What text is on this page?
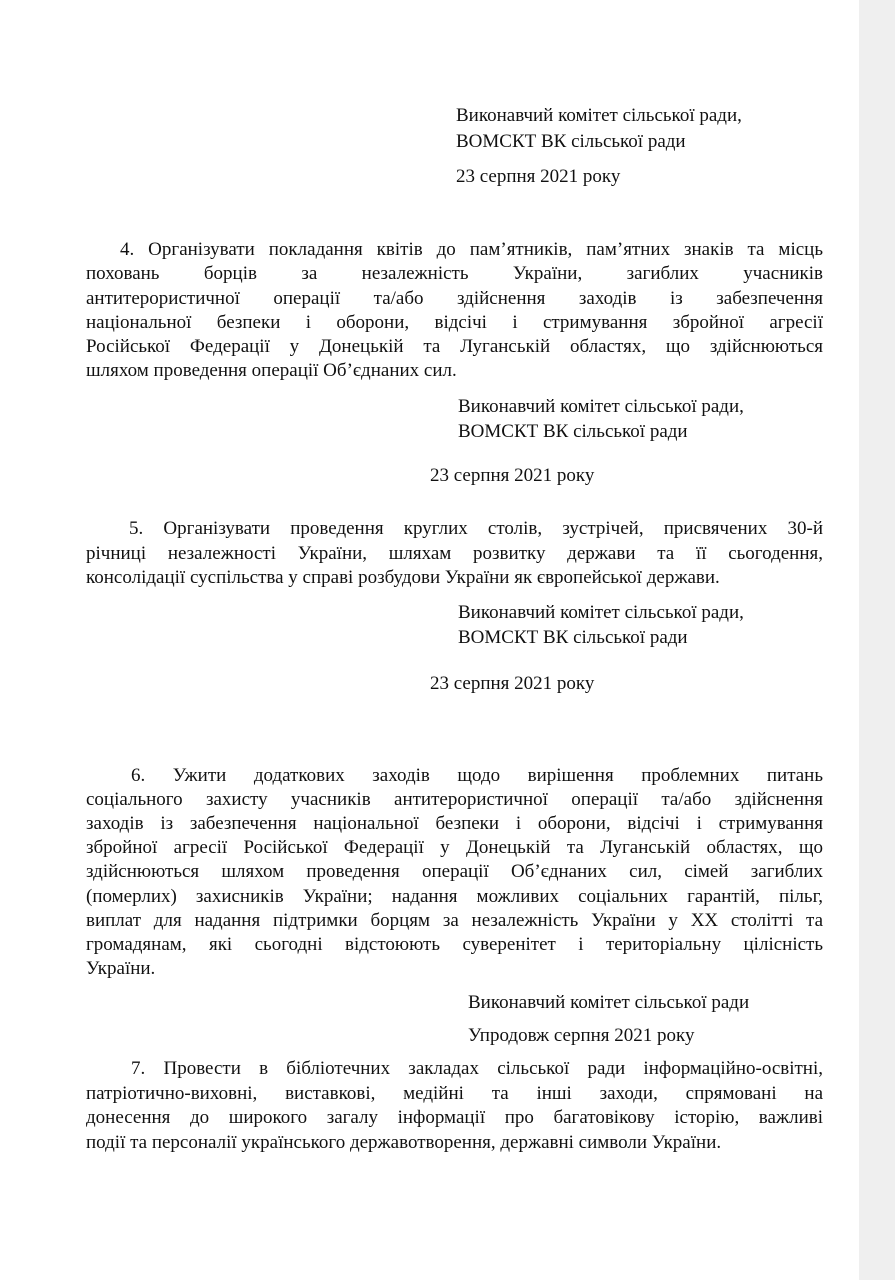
Виконавчий комітет сільської ради,
ВОМСКТ ВК сільської ради
23 серпня 2021 року
4. Організувати покладання квітів до пам’ятників, пам’ятних знаків та місць
поховань борців за незалежність України, загиблих учасників
антитерористичної операції та/або здійснення заходів із забезпечення
національної безпеки і оборони, відсічі і стримування збройної агресії
Російської Федерації у Донецькій та Луганській областях, що здійснюються
шляхом проведення операції Об’єднаних сил.
Виконавчий комітет сільської ради,
ВОМСКТ ВК сільської ради
23 серпня 2021 року
5. Організувати проведення круглих столів, зустрічей, присвячених 30-й
річниці незалежності України, шляхам розвитку держави та її сьогодення,
консолідації суспільства у справі розбудови України як європейської держави.
Виконавчий комітет сільської ради,
ВОМСКТ ВК сільської ради
23 серпня 2021 року
6. Ужити додаткових заходів щодо вирішення проблемних питань
соціального захисту учасників антитерористичної операції та/або здійснення
заходів із забезпечення національної безпеки і оборони, відсічі і стримування
збройної агресії Російської Федерації у Донецькій та Луганській областях, що
здійснюються шляхом проведення операції Об’єднаних сил, сімей загиблих
(померлих) захисників України; надання можливих соціальних гарантій, пільг,
виплат для надання підтримки борцям за незалежність України у XX столітті та
громадянам, які сьогодні відстоюють суверенітет і територіальну цілісність
України.
Виконавчий комітет сільської ради
Упродовж серпня 2021 року
7. Провести в бібліотечних закладах сільської ради інформаційно-освітні,
патріотично-виховні, виставкові, медійні та інші заходи, спрямовані на
донесення до широкого загалу інформації про багатовікову історію, важливі
події та персоналії українського державотворення, державні символи України.
